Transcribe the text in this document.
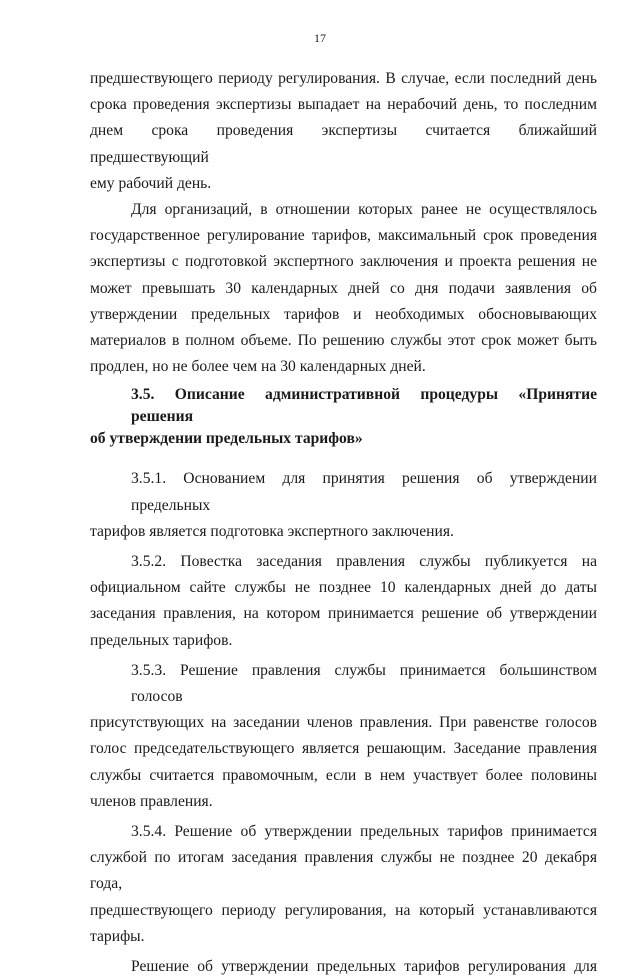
17
предшествующего периоду регулирования. В случае, если последний день
срока проведения экспертизы выпадает на нерабочий день, то последним
днем срока проведения экспертизы считается ближайший предшествующий
ему рабочий день.
Для организаций, в отношении которых ранее не осуществлялось
государственное регулирование тарифов, максимальный срок проведения
экспертизы с подготовкой экспертного заключения и проекта решения не
может превышать 30 календарных дней со дня подачи заявления об
утверждении предельных тарифов и необходимых обосновывающих
материалов в полном объеме. По решению службы этот срок может быть
продлен, но не более чем на 30 календарных дней.
3.5. Описание административной процедуры «Принятие решения
об утверждении предельных тарифов»
3.5.1. Основанием для принятия решения об утверждении предельных
тарифов является подготовка экспертного заключения.
3.5.2. Повестка заседания правления службы публикуется на
официальном сайте службы не позднее 10 календарных дней до даты
заседания правления, на котором принимается решение об утверждении
предельных тарифов.
3.5.3. Решение правления службы принимается большинством голосов
присутствующих на заседании членов правления. При равенстве голосов
голос председательствующего является решающим. Заседание правления
службы считается правомочным, если в нем участвует более половины
членов правления.
3.5.4. Решение об утверждении предельных тарифов принимается
службой по итогам заседания правления службы не позднее 20 декабря года,
предшествующего периоду регулирования, на который устанавливаются
тарифы.
Решение об утверждении предельных тарифов регулирования для
